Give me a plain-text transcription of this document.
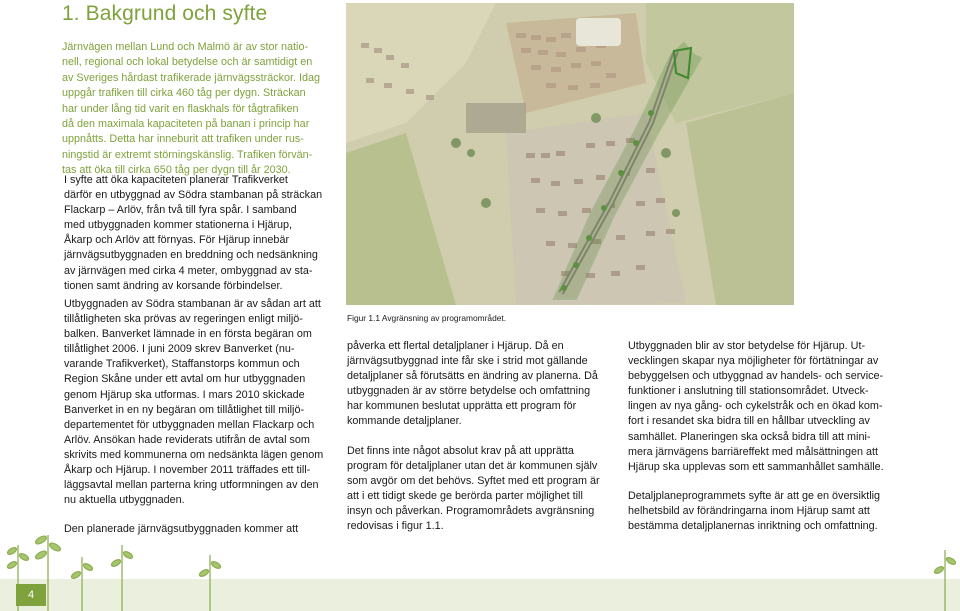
1. Bakgrund och syfte

Järnvägen mellan Lund och Malmö är av stor natio-

nell, regional och lokal betydelse och är samtidigt en

av Sveriges hårdast trafikerade järnvägssträckor. Idag

uppgår trafiken till cirka 460 tåg per dygn. Sträckan

har under lång tid varit en flaskhals för tågtrafiken

då den maximala kapaciteten på banan i princip har

uppnåtts. Detta har inneburit att trafiken under rus-

ningstid är extremt störningskänslig. Trafiken förvän-

tas att öka till cirka 650 tåg per dygn till år 2030.

I syfte att öka kapaciteten planerar Trafikverket
därför en utbyggnad av Södra stambanan på sträckan
Flackarp – Arlöv, från två till fyra spår. I samband
med utbyggnaden kommer stationerna i Hjärup,
Åkarp och Arlöv att förnyas. För Hjärup innebär
järnvägsutbyggnaden en breddning och nedsänkning
av järnvägen med cirka 4 meter, ombyggnad av sta-
tionen samt ändring av korsande förbindelser.

Utbyggnaden av Södra stambanan är av sådan art att
tillåtligheten ska prövas av regeringen enligt miljö-
balken. Banverket lämnade in en första begäran om
tillåtlighet 2006. I juni 2009 skrev Banverket (nu-
varande Trafikverket), Staffanstorps kommun och
Region Skåne under ett avtal om hur utbyggnaden
genom Hjärup ska utformas. I mars 2010 skickade
Banverket in en ny begäran om tillåtlighet till miljö-
departementet för utbyggnaden mellan Flackarp och
Arlöv. Ansökan hade reviderats utifrån de avtal som
skrivits med kommunerna om nedsänkta lägen genom
Åkarp och Hjärup. I november 2011 träffades ett till-
läggsavtal mellan parterna kring utformningen av den
nu aktuella utbyggnaden.

Den planerade järnvägsutbyggnaden kommer att

Figur 1.1 Avgränsning av programområdet.

påverka ett flertal detaljplaner i Hjärup. Då en
järnvägsutbyggnad inte får ske i strid mot gällande
detaljplaner så förutsätts en ändring av planerna. Då
utbyggnaden är av större betydelse och omfattning
har kommunen beslutat upprätta ett program för
kommande detaljplaner.

Det finns inte något absolut krav på att upprätta
program för detaljplaner utan det är kommunen själv
som avgör om det behövs. Syftet med ett program är
att i ett tidigt skede ge berörda parter möjlighet till
insyn och påverkan. Programområdets avgränsning
redovisas i figur 1.1.

Utbyggnaden blir av stor betydelse för Hjärup. Ut-
vecklingen skapar nya möjligheter för förtätningar av
bebyggelsen och utbyggnad av handels- och service-
funktioner i anslutning till stationsområdet. Utveck-
lingen av nya gång- och cykelstråk och en ökad kom-
fort i resandet ska bidra till en hållbar utveckling av
samhället. Planeringen ska också bidra till att mini-
mera järnvägens barriäreffekt med målsättningen att
Hjärup ska upplevas som ett sammanhållet samhälle.

Detaljplaneprogrammets syfte är att ge en översiktlig
helhetsbild av förändringarna inom Hjärup samt att
bestämma detaljplanernas inriktning och omfattning.

4
